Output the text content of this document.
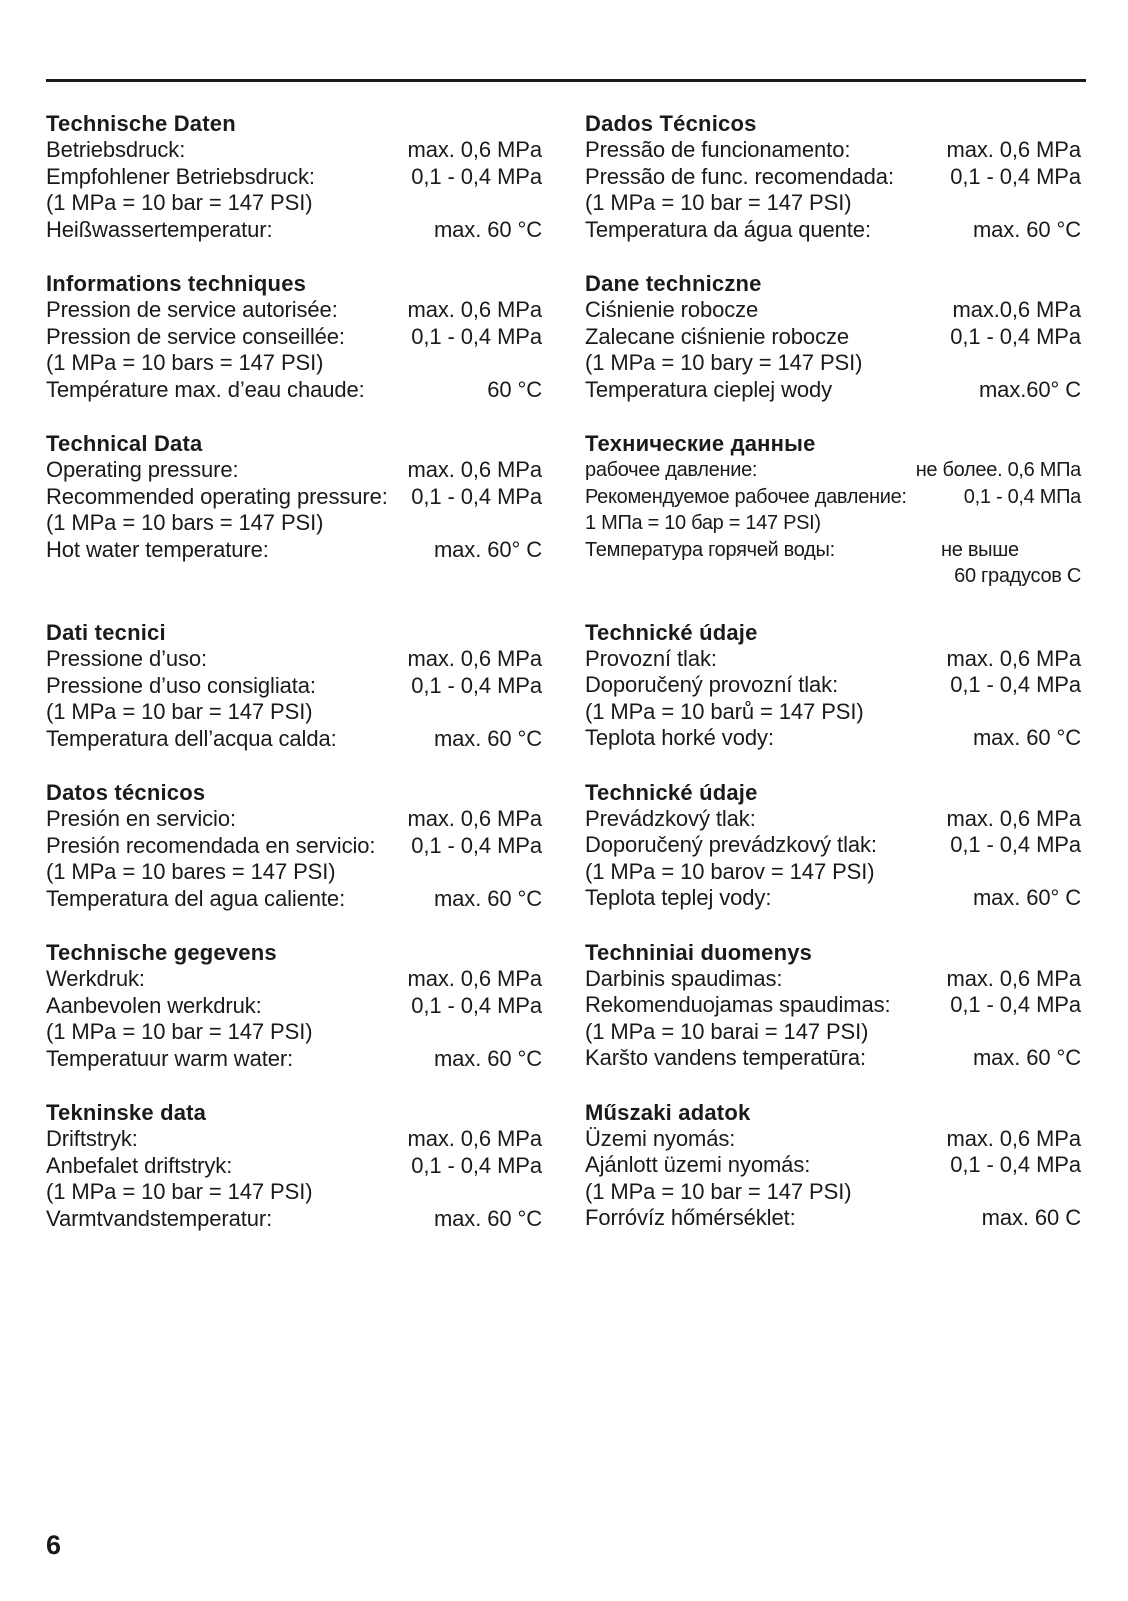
Technische Daten
Betriebsdruck:	max. 0,6 MPa
Empfohlener Betriebsdruck:	0,1 - 0,4 MPa
(1 MPa = 10 bar = 147 PSI)
Heißwassertemperatur:	max. 60 °C
Informations techniques
Pression de service autorisée:	max. 0,6 MPa
Pression de service conseillée:	0,1 - 0,4 MPa
(1 MPa = 10 bars = 147 PSI)
Température max. d’eau chaude:	60 °C
Technical Data
Operating pressure:	max. 0,6 MPa
Recommended operating pressure: 0,1 - 0,4 MPa
(1 MPa = 10 bars = 147 PSI)
Hot water temperature:	max. 60° C
Dati tecnici
Pressione d’uso:	max. 0,6 MPa
Pressione d’uso consigliata:	0,1 - 0,4 MPa
(1 MPa = 10 bar = 147 PSI)
Temperatura dell’acqua calda:	max. 60 °C
Datos técnicos
Presión en servicio:	max. 0,6 MPa
Presión recomendada en servicio: 0,1 - 0,4 MPa
(1 MPa = 10 bares = 147 PSI)
Temperatura del agua caliente:	max. 60 °C
Technische gegevens
Werkdruk:	max. 0,6 MPa
Aanbevolen werkdruk:	0,1 - 0,4 MPa
(1 MPa = 10 bar = 147 PSI)
Temperatuur warm water:	max. 60 °C
Tekninske data
Driftstryk:	max. 0,6 MPa
Anbefalet driftstryk:	0,1 - 0,4 MPa
(1 MPa = 10 bar = 147 PSI)
Varmtvandstemperatur:	max. 60 °C
Dados Técnicos
Pressão de funcionamento:	max. 0,6 MPa
Pressão de func. recomendada:	0,1 - 0,4 MPa
(1 MPa = 10 bar = 147 PSI)
Temperatura da água quente:	max. 60 °C
Dane techniczne
Ciśnienie robocze	max.0,6 MPa
Zalecane ciśnienie robocze	0,1 - 0,4 MPa
(1 MPa = 10 bary = 147 PSI)
Temperatura cieplej wody	max.60° C
Технические данные
рабочее давление:	не более. 0,6 МПа
Рекомендуемое рабочее давление:	0,1 - 0,4 МПа
1 МПа = 10 бар = 147 PSI)
Температура горячей воды:	не выше
60 градусов С
Technické údaje
Provozní tlak:	max. 0,6 MPa
Doporučený provozní tlak:	0,1 - 0,4 MPa
(1 MPa = 10 barů = 147 PSI)
Teplota horké vody:	max. 60 °C
Technické údaje
Prevádzkový tlak:	max. 0,6 MPa
Doporučený prevádzkový tlak:	0,1 - 0,4 MPa
(1 MPa = 10 barov = 147 PSI)
Teplota teplej vody:	max. 60° C
Techniniai duomenys
Darbinis spaudimas:	max. 0,6 MPa
Rekomenduojamas spaudimas:	0,1 - 0,4 MPa
(1 MPa = 10 barai = 147 PSI)
Karšto vandens temperatūra:	max. 60 °C
Műszaki adatok
Üzemi nyomás:	max. 0,6 MPa
Ajánlott üzemi nyomás:	0,1 - 0,4 MPa
(1 MPa = 10 bar = 147 PSI)
Forróvíz hőmérséklet:	max. 60 C
6
